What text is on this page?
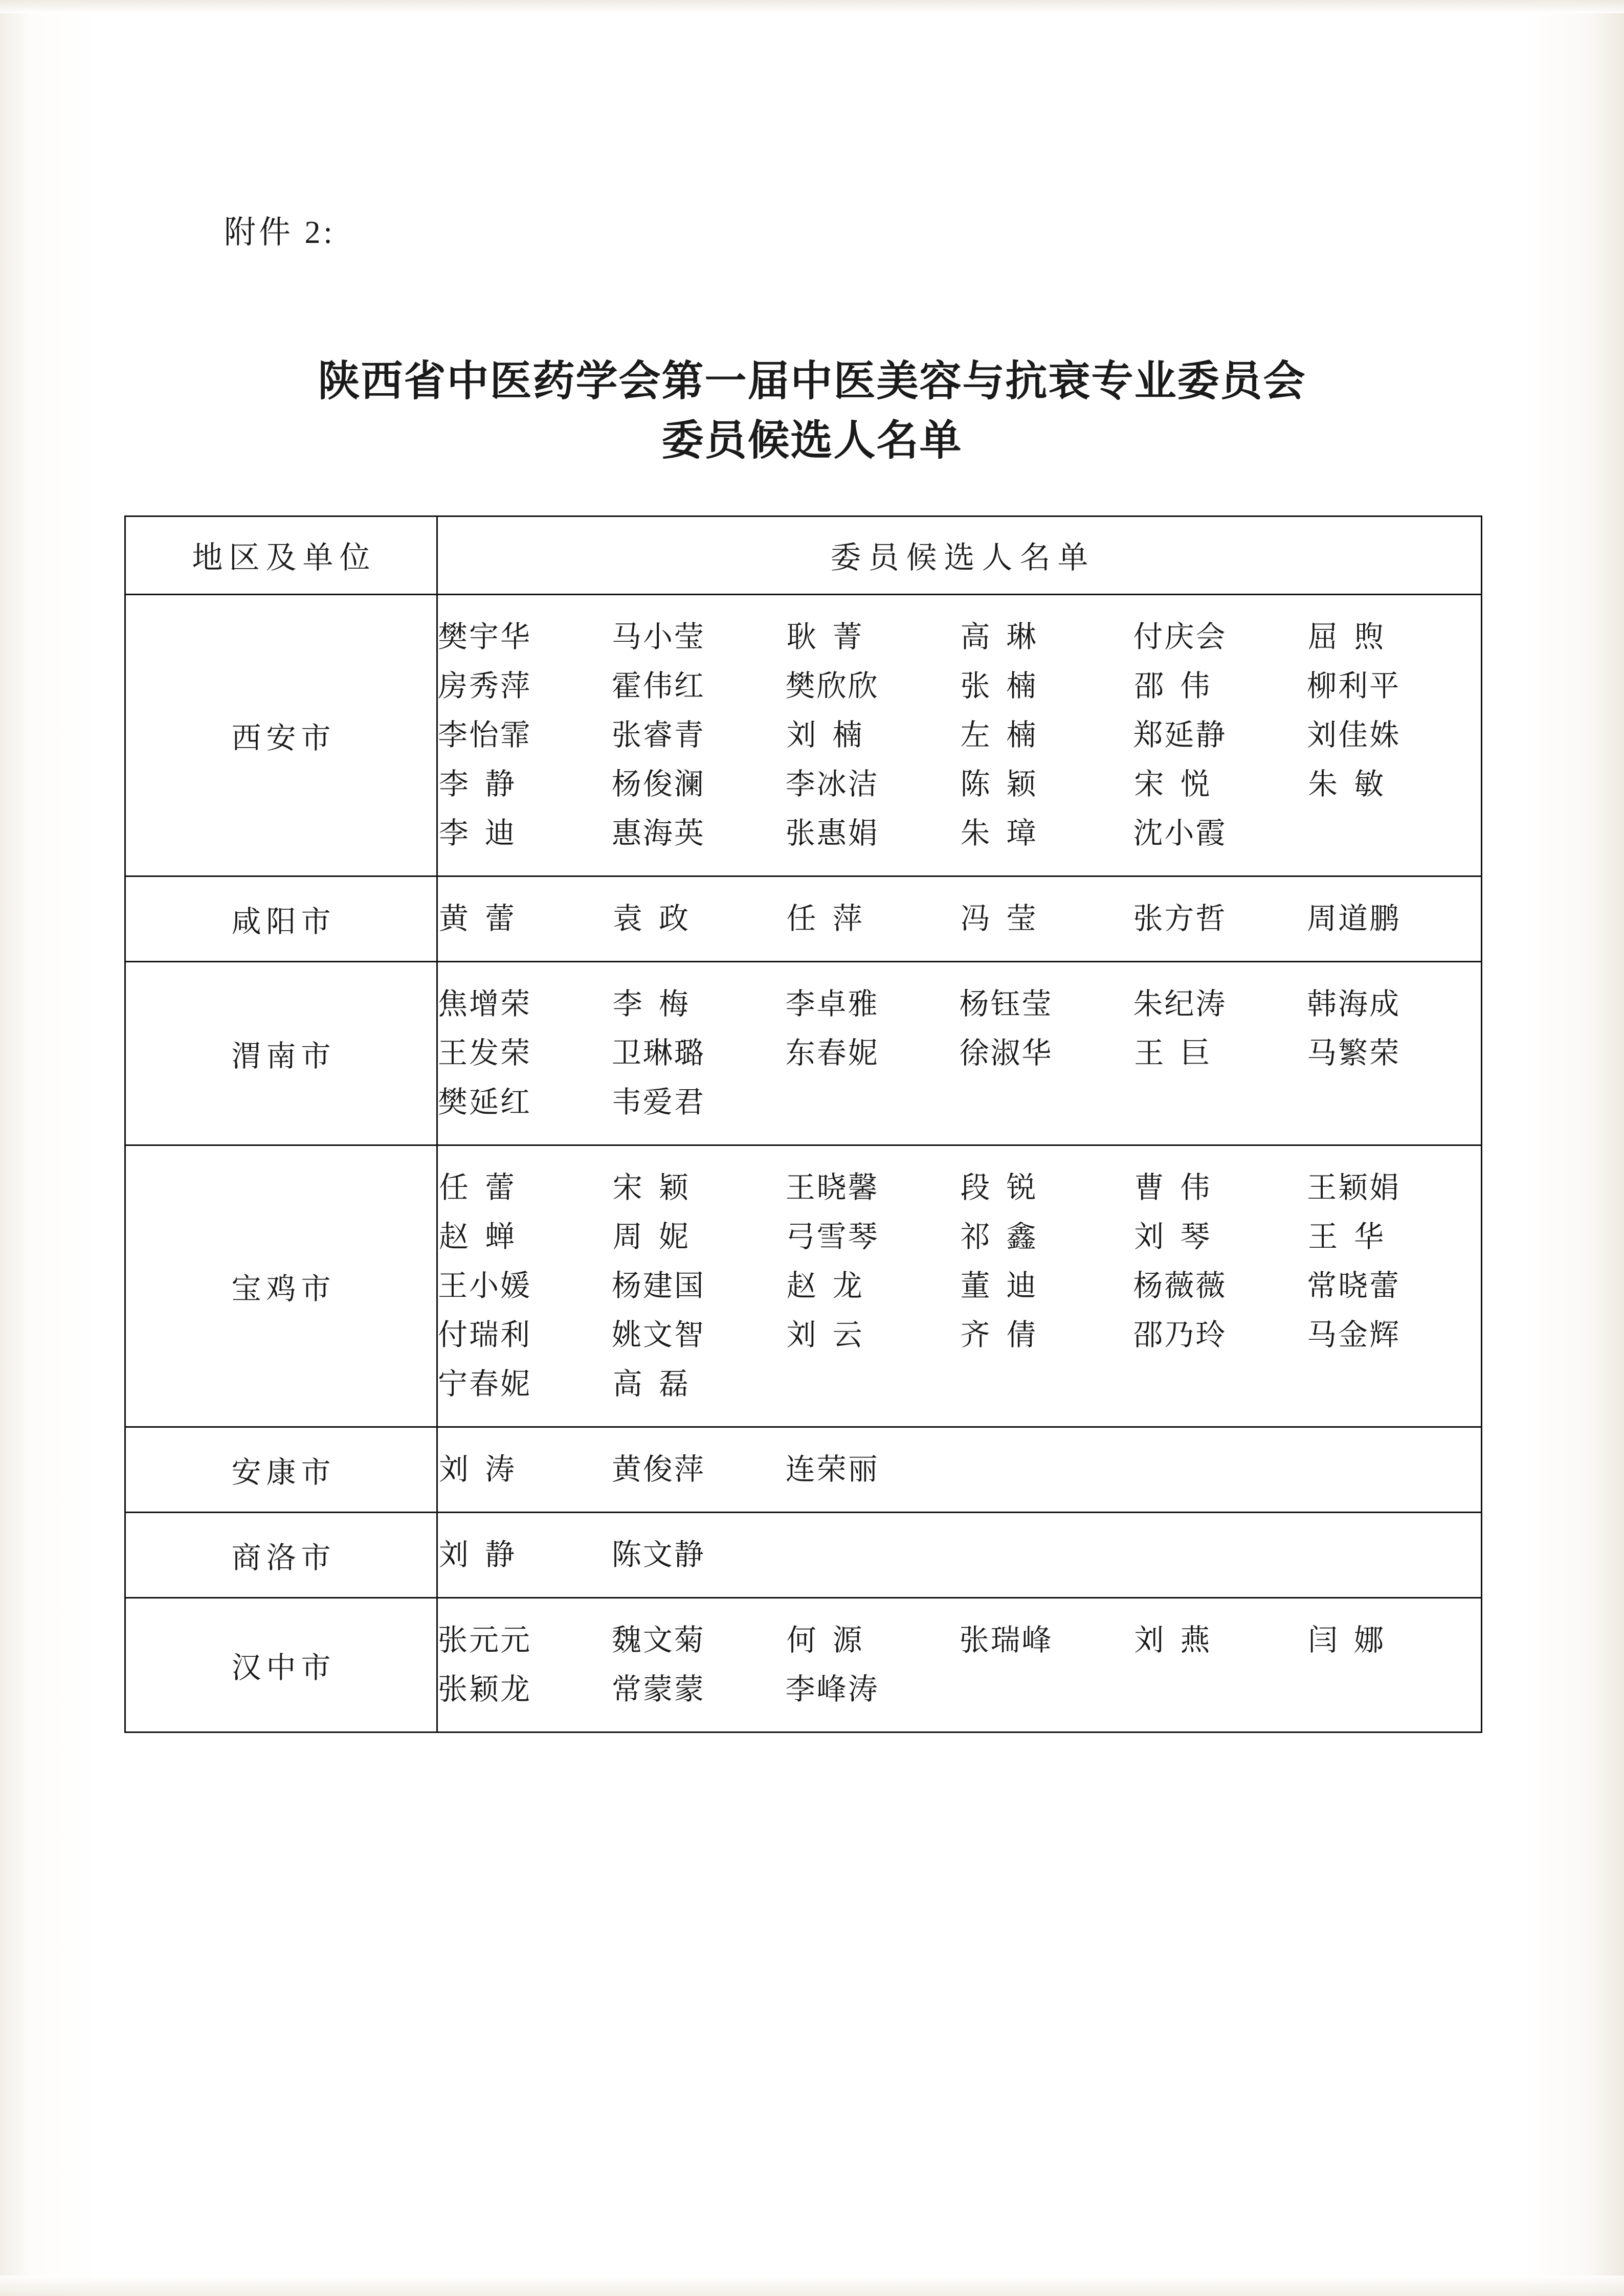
附件 2:
陕西省中医药学会第一届中医美容与抗衰专业委员会
委员候选人名单
地区及单位	委员候选人名单
西安市	
樊宇华	马小莹	耿菁	高琳	付庆会	屈煦
房秀萍	霍伟红	樊欣欣	张楠	邵伟	柳利平
李怡霏	张睿青	刘楠	左楠	郑延静	刘佳姝
李静	杨俊澜	李冰洁	陈颖	宋悦	朱敏
李迪	惠海英	张惠娟	朱璋	沈小霞

咸阳市	黄蕾	袁政	任萍	冯莹	张方哲	周道鹏

渭南市	
焦增荣	李梅	李卓雅	杨钰莹	朱纪涛	韩海成
王发荣	卫琳璐	东春妮	徐淑华	王巨	马繁荣
樊延红	韦爱君

宝鸡市	
任蕾	宋颖	王晓馨	段锐	曹伟	王颖娟
赵蝉	周妮	弓雪琴	祁鑫	刘琴	王华
王小媛	杨建国	赵龙	董迪	杨薇薇	常晓蕾
付瑞利	姚文智	刘云	齐倩	邵乃玲	马金辉
宁春妮	高磊

安康市	刘涛 黄俊萍 连荣丽

商洛市	刘静 陈文静

汉中市	
张元元	魏文菊	何源	张瑞峰	刘燕	闫娜
张颖龙	常蒙蒙	李峰涛
